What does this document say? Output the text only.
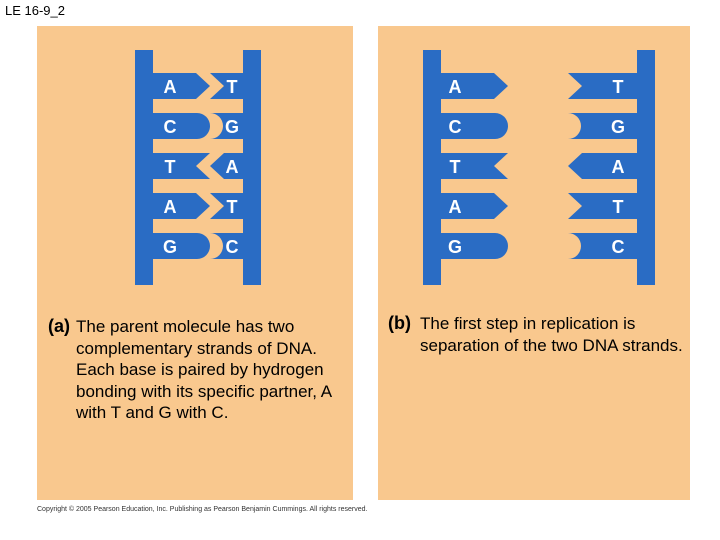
LE 16-9_2
A	T
C	G
T	A
A	T
G	C
A	T
C	G
T	A
A	T
G	C
(a) The parent molecule has two complementary strands of DNA. Each base is paired by hydrogen bonding with its specific partner, A with T and G with C.
(b) The first step in replication is separation of the two DNA strands.
Copyright © 2005 Pearson Education, Inc. Publishing as Pearson Benjamin Cummings. All rights reserved.
